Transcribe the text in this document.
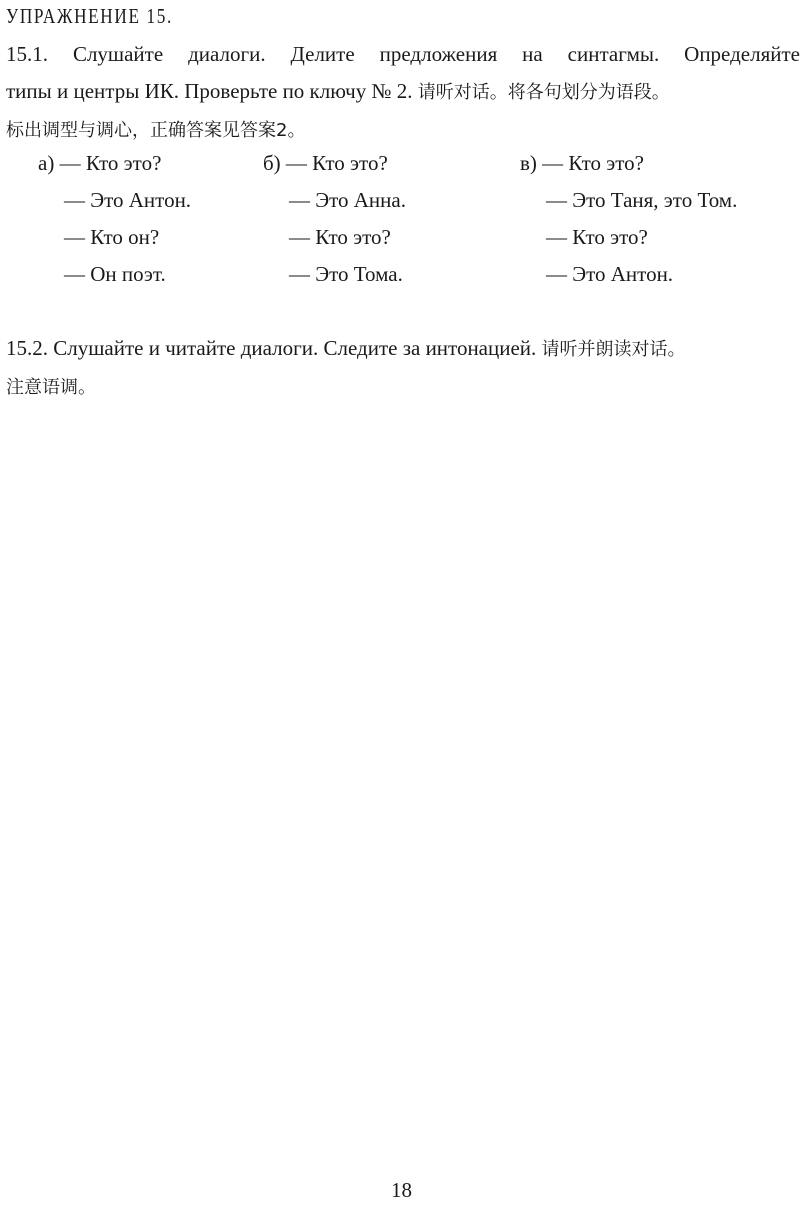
УПРАЖНЕНИЕ 15.
15.1. Слушайте диалоги. Делите предложения на синтагмы. Определяйте
типы и центры ИК. Проверьте по ключу № 2. 请听对话。将各句划分为语段。
标出调型与调心，正确答案见答案2。
а) — Кто это?
— Это Антон.
— Кто он?
— Он поэт.
б) — Кто это?
— Это Анна.
— Кто это?
— Это Тома.
в) — Кто это?
— Это Таня, это Том.
— Кто это?
— Это Антон.
15.2. Слушайте и читайте диалоги. Следите за интонацией. 请听并朗读对话。
注意语调。
18
